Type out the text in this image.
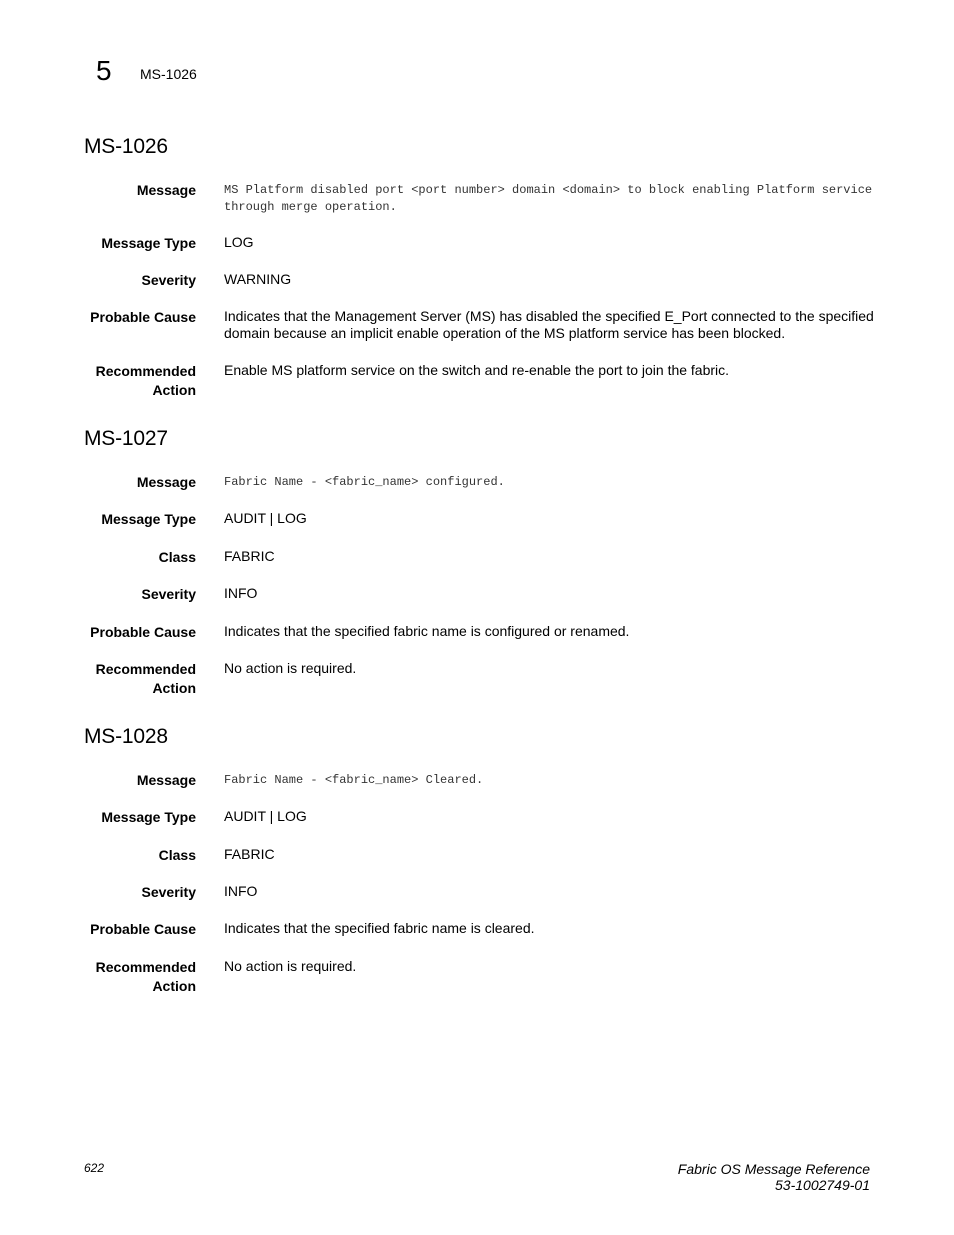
5 MS-1026
MS-1026
Message MS Platform disabled port <port number> domain <domain> to block enabling Platform service through merge operation.
Message Type LOG
Severity WARNING
Probable Cause Indicates that the Management Server (MS) has disabled the specified E_Port connected to the specified domain because an implicit enable operation of the MS platform service has been blocked.
Recommended Action
Enable MS platform service on the switch and re-enable the port to join the fabric.
MS-1027
Message Fabric Name - <fabric_name> configured.
Message Type AUDIT | LOG
Class FABRIC
Severity INFO
Probable Cause Indicates that the specified fabric name is configured or renamed.
Recommended Action
No action is required.
MS-1028
Message Fabric Name - <fabric_name> Cleared.
Message Type AUDIT | LOG
Class FABRIC
Severity INFO
Probable Cause Indicates that the specified fabric name is cleared.
Recommended Action
No action is required.
622	Fabric OS Message Reference
53-1002749-01
